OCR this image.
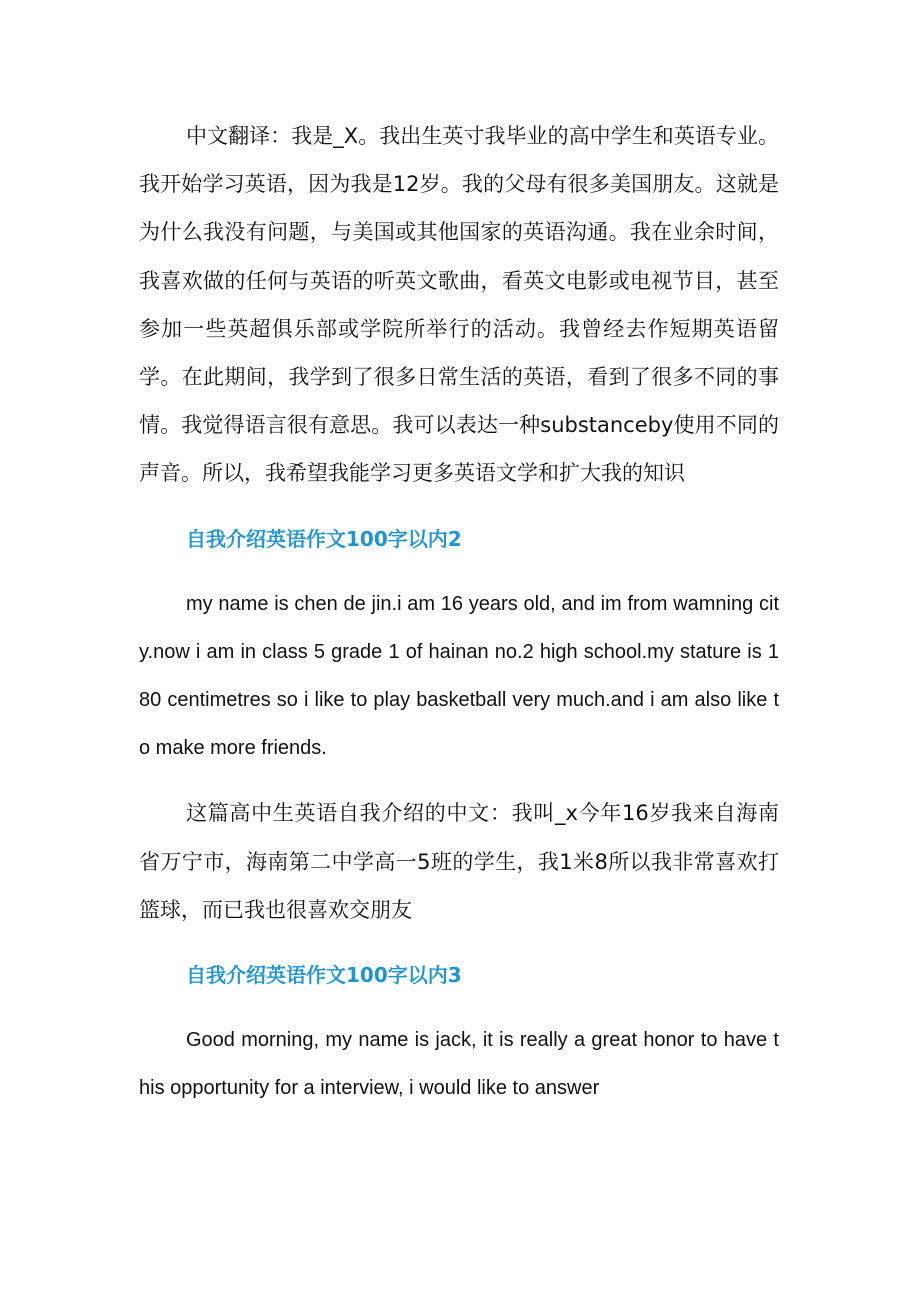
中文翻译：我是_X。我出生英寸我毕业的高中学生和英语专业。我开始学习英语，因为我是12岁。我的父母有很多美国朋友。这就是为什么我没有问题，与美国或其他国家的英语沟通。我在业余时间，我喜欢做的任何与英语的听英文歌曲，看英文电影或电视节目，甚至参加一些英超俱乐部或学院所举行的活动。我曾经去作短期英语留学。在此期间，我学到了很多日常生活的英语，看到了很多不同的事情。我觉得语言很有意思。我可以表达一种substanceby使用不同的声音。所以，我希望我能学习更多英语文学和扩大我的知识

自我介绍英语作文100字以内2

my name is chen de jin.i am 16 years old, and im from wamning city.now i am in class 5 grade 1 of hainan no.2 high school.my stature is 180 centimetres so i like to play basketball very much.and i am also like to make more friends.

这篇高中生英语自我介绍的中文：我叫_x今年16岁我来自海南省万宁市，海南第二中学高一5班的学生，我1米8所以我非常喜欢打篮球，而已我也很喜欢交朋友

自我介绍英语作文100字以内3

Good morning, my name is jack, it is really a great honor to have this opportunity for a interview, i would like to answer
